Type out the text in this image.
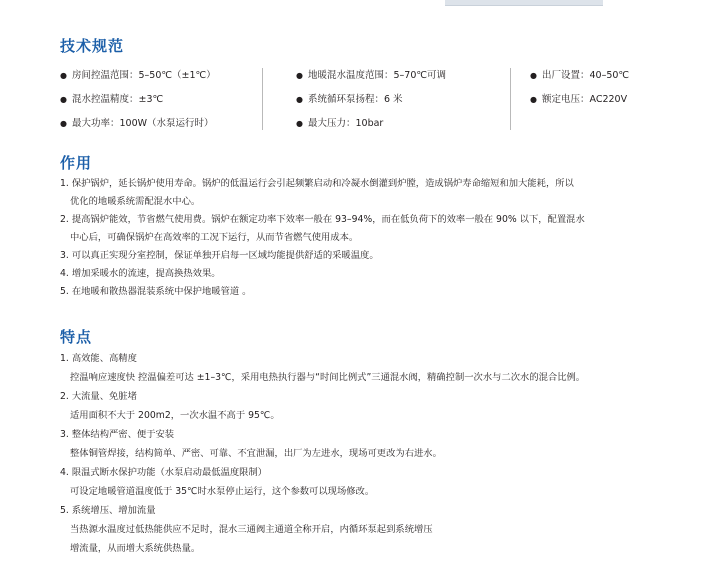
技术规范
● 房间控温范围：5–50℃（±1℃）
● 混水控温精度：±3℃
● 最大功率：100W（水泵运行时）
● 地暖混水温度范围：5–70℃可调
● 系统循环泵扬程：6 米
● 最大压力：10bar
● 出厂设置：40–50℃
● 额定电压：AC220V
作用
1. 保护锅炉，延长锅炉使用寿命。锅炉的低温运行会引起频繁启动和冷凝水倒灌到炉膛，造成锅炉寿命缩短和加大能耗，所以
优化的地暖系统需配混水中心。
2. 提高锅炉能效，节省燃气使用费。锅炉在额定功率下效率一般在 93–94%，而在低负荷下的效率一般在 90% 以下，配置混水
中心后，可确保锅炉在高效率的工况下运行，从而节省燃气使用成本。
3. 可以真正实现分室控制，保证单独开启每一区域均能提供舒适的采暖温度。
4. 增加采暖水的流速，提高换热效果。
5. 在地暖和散热器混装系统中保护地暖管道 。
特点
1. 高效能、高精度
控温响应速度快 控温偏差可达 ±1–3℃，采用电热执行器与“时间比例式”三通混水阀，精确控制一次水与二次水的混合比例。
2. 大流量、免脏堵
适用面积不大于 200m2，一次水温不高于 95℃。
3. 整体结构严密、便于安装
整体铜管焊接，结构简单、严密、可靠、不宜泄漏，出厂为左进水，现场可更改为右进水。
4. 限温式断水保护功能（水泵启动最低温度限制）
可设定地暖管道温度低于 35℃时水泵停止运行，这个参数可以现场修改。
5. 系统增压、增加流量
当热源水温度过低热能供应不足时，混水三通阀主通道全称开启，内循环泵起到系统增压
增流量，从而增大系统供热量。
